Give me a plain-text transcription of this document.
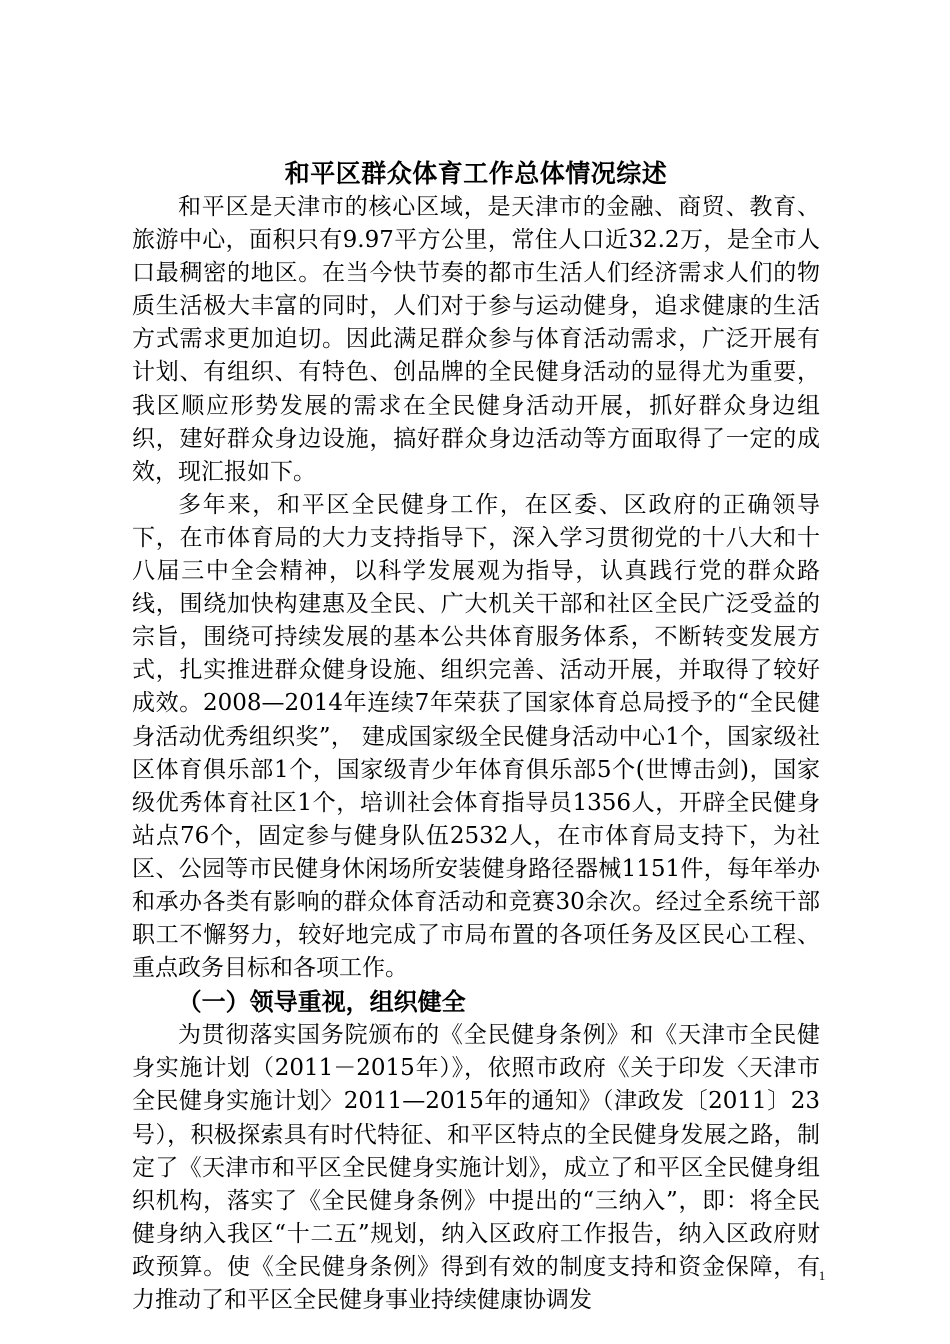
和平区群众体育工作总体情况综述

和平区是天津市的核心区域，是天津市的金融、商贸、教育、旅游中心，面积只有9.97平方公里，常住人口近32.2万，是全市人口最稠密的地区。在当今快节奏的都市生活人们经济需求人们的物质生活极大丰富的同时，人们对于参与运动健身，追求健康的生活方式需求更加迫切。因此满足群众参与体育活动需求，广泛开展有计划、有组织、有特色、创品牌的全民健身活动的显得尤为重要，我区顺应形势发展的需求在全民健身活动开展，抓好群众身边组织，建好群众身边设施，搞好群众身边活动等方面取得了一定的成效，现汇报如下。

多年来，和平区全民健身工作，在区委、区政府的正确领导下，在市体育局的大力支持指导下，深入学习贯彻党的十八大和十八届三中全会精神，以科学发展观为指导，认真践行党的群众路线，围绕加快构建惠及全民、广大机关干部和社区全民广泛受益的宗旨，围绕可持续发展的基本公共体育服务体系，不断转变发展方式，扎实推进群众健身设施、组织完善、活动开展，并取得了较好成效。2008—2014年连续7年荣获了国家体育总局授予的“全民健身活动优秀组织奖”， 建成国家级全民健身活动中心1个，国家级社区体育俱乐部1个，国家级青少年体育俱乐部5个(世博击剑)，国家级优秀体育社区1个，培训社会体育指导员1356人，开辟全民健身站点76个，固定参与健身队伍2532人，在市体育局支持下，为社区、公园等市民健身休闲场所安装健身路径器械1151件，每年举办和承办各类有影响的群众体育活动和竞赛30余次。经过全系统干部职工不懈努力，较好地完成了市局布置的各项任务及区民心工程、重点政务目标和各项工作。

（一）领导重视，组织健全

为贯彻落实国务院颁布的《全民健身条例》和《天津市全民健身实施计划（2011－2015年）》，依照市政府《关于印发〈天津市全民健身实施计划〉2011—2015年的通知》（津政发〔2011〕23号），积极探索具有时代特征、和平区特点的全民健身发展之路，制定了《天津市和平区全民健身实施计划》，成立了和平区全民健身组织机构，落实了《全民健身条例》中提出的“三纳入”，即：将全民健身纳入我区“十二五”规划，纳入区政府工作报告，纳入区政府财政预算。使《全民健身条例》得到有效的制度支持和资金保障，有力推动了和平区全民健身事业持续健康协调发

1
